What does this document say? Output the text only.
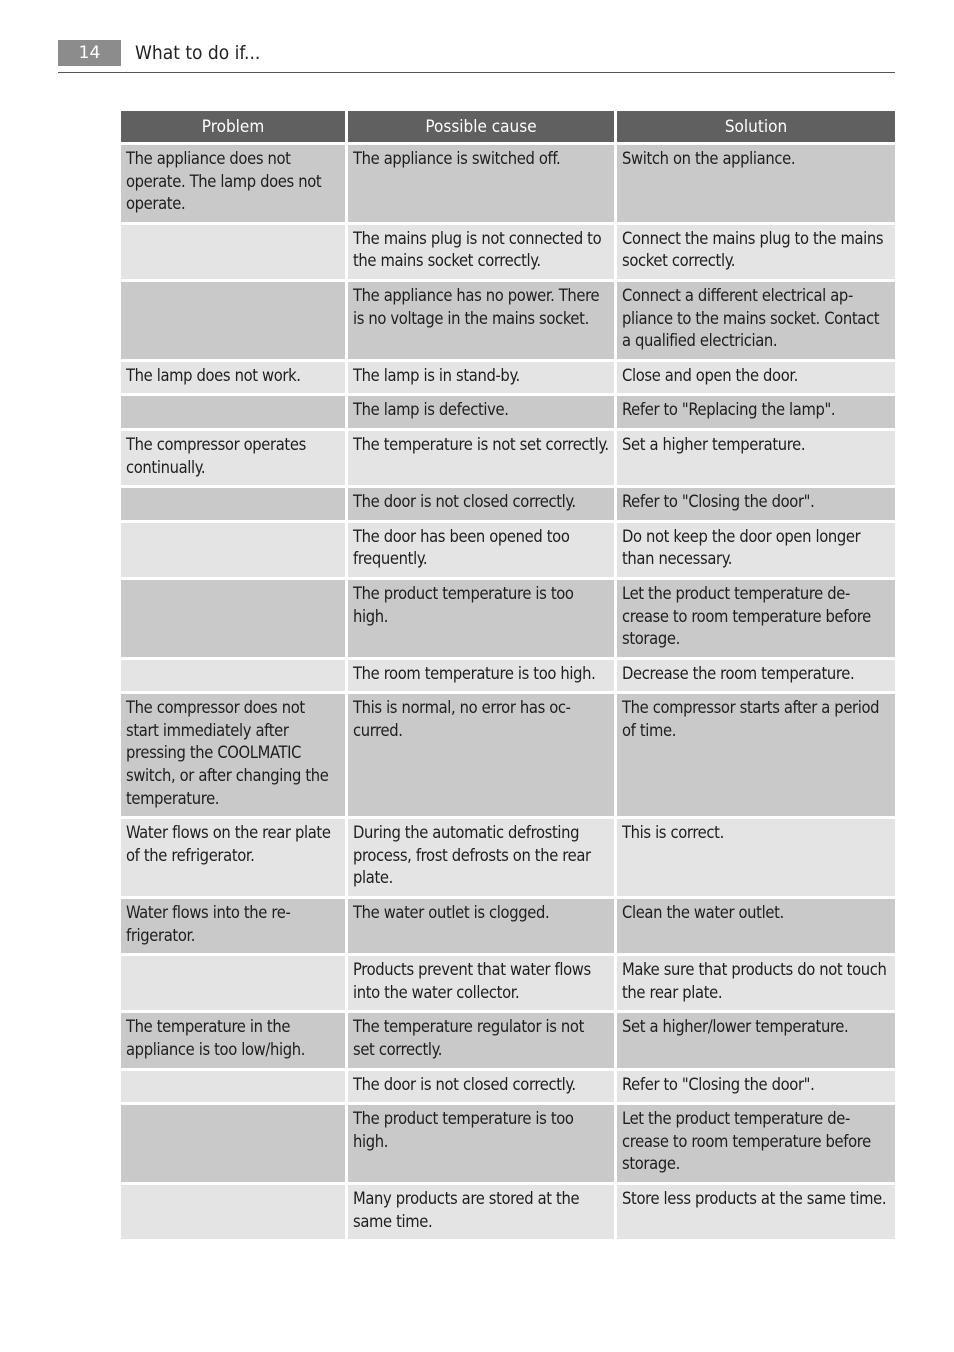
14	What to do if...
Problem	Possible cause	Solution
The appliance does not operate. The lamp does not operate.	The appliance is switched off.	Switch on the appliance.
	The mains plug is not connected to the mains socket correctly.	Connect the mains plug to the mains socket correctly.
	The appliance has no power. There is no voltage in the mains socket.	Connect a different electrical appliance to the mains socket. Contact a qualified electrician.
The lamp does not work.	The lamp is in stand-by.	Close and open the door.
	The lamp is defective.	Refer to "Replacing the lamp".
The compressor operates continually.	The temperature is not set correctly.	Set a higher temperature.
	The door is not closed correctly.	Refer to "Closing the door".
	The door has been opened too frequently.	Do not keep the door open longer than necessary.
	The product temperature is too high.	Let the product temperature decrease to room temperature before storage.
	The room temperature is too high.	Decrease the room temperature.
The compressor does not start immediately after pressing the COOLMATIC switch, or after changing the temperature.	This is normal, no error has occurred.	The compressor starts after a period of time.
Water flows on the rear plate of the refrigerator.	During the automatic defrosting process, frost defrosts on the rear plate.	This is correct.
Water flows into the refrigerator.	The water outlet is clogged.	Clean the water outlet.
	Products prevent that water flows into the water collector.	Make sure that products do not touch the rear plate.
The temperature in the appliance is too low/high.	The temperature regulator is not set correctly.	Set a higher/lower temperature.
	The door is not closed correctly.	Refer to "Closing the door".
	The product temperature is too high.	Let the product temperature decrease to room temperature before storage.
	Many products are stored at the same time.	Store less products at the same time.
